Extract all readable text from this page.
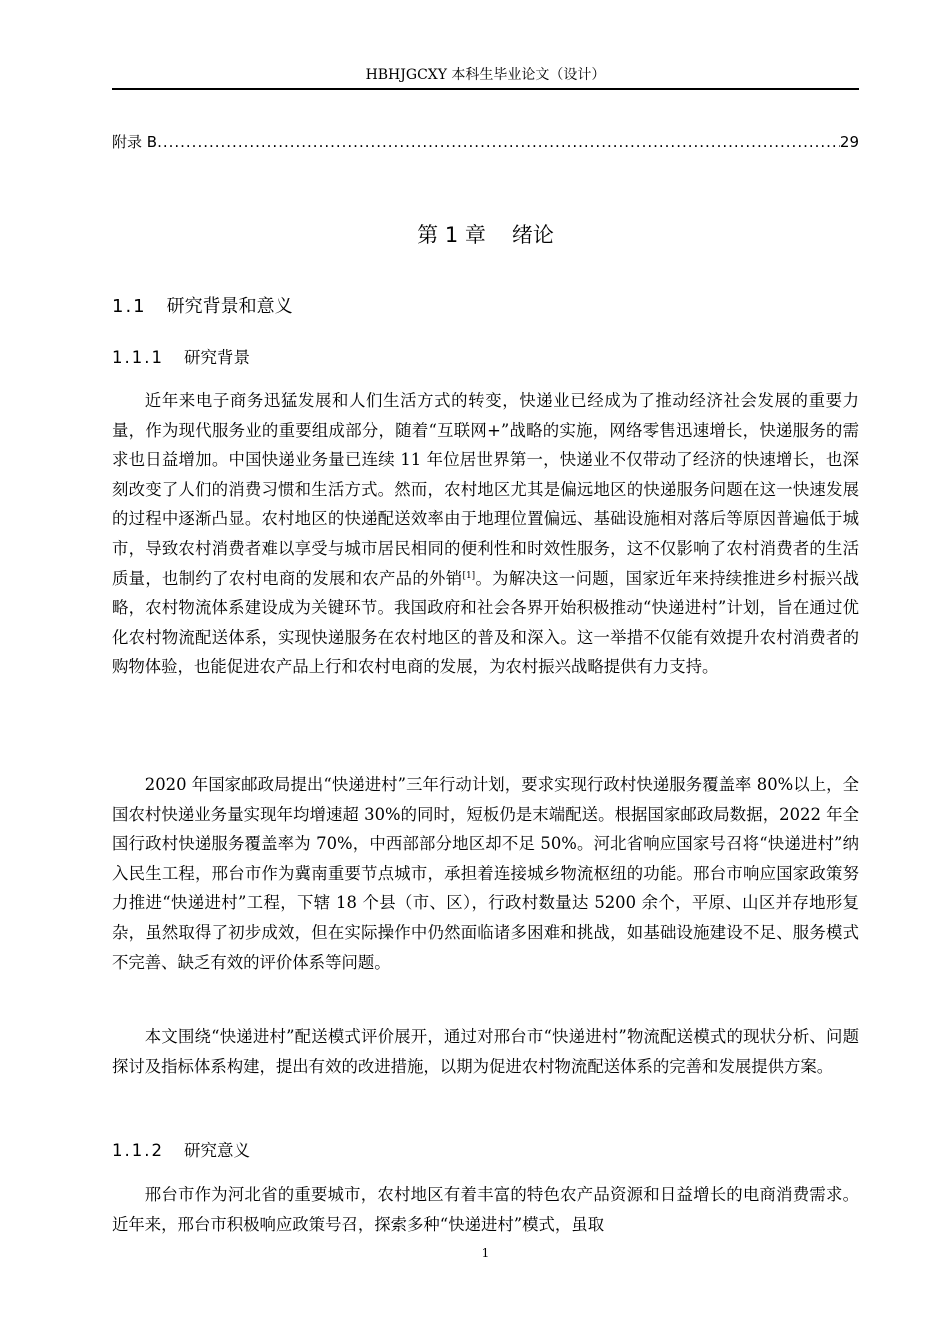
HBHJGCXY 本科生毕业论文（设计）
附录 B
.....	29
第 1 章 绪论
1.1 研究背景和意义
1.1.1 研究背景

近年来电子商务迅猛发展和人们生活方式的转变，快递业已经成为了推动经济社会发展的重要力量，作为现代服务业的重要组成部分，随着“互联网+”战略的实施，网络零售迅速增长，快递服务的需求也日益增加。中国快递业务量已连续 11 年位居世界第一，快递业不仅带动了经济的快速增长，也深刻改变了人们的消费习惯和生活方式。然而，农村地区尤其是偏远地区的快递服务问题在这一快速发展的过程中逐渐凸显。农村地区的快递配送效率由于地理位置偏远、基础设施相对落后等原因普遍低于城市，导致农村消费者难以享受与城市居民相同的便利性和时效性服务，这不仅影响了农村消费者的生活质量，也制约了农村电商的发展和农产品的外销[1]。为解决这一问题，国家近年来持续推进乡村振兴战略，农村物流体系建设成为关键环节。我国政府和社会各界开始积极推动“快递进村”计划，旨在通过优化农村物流配送体系，实现快递服务在农村地区的普及和深入。这一举措不仅能有效提升农村消费者的购物体验，也能促进农产品上行和农村电商的发展，为农村振兴战略提供有力支持。

2020 年国家邮政局提出“快递进村”三年行动计划，要求实现行政村快递服务覆盖率 80%以上，全国农村快递业务量实现年均增速超 30%的同时，短板仍是末端配送。根据国家邮政局数据，2022 年全国行政村快递服务覆盖率为 70%，中西部部分地区却不足 50%。河北省响应国家号召将“快递进村”纳入民生工程，邢台市作为冀南重要节点城市，承担着连接城乡物流枢纽的功能。邢台市响应国家政策努力推进“快递进村”工程，下辖 18 个县（市、区），行政村数量达 5200 余个，平原、山区并存地形复杂，虽然取得了初步成效，但在实际操作中仍然面临诸多困难和挑战，如基础设施建设不足、服务模式不完善、缺乏有效的评价体系等问题。

本文围绕“快递进村”配送模式评价展开，通过对邢台市“快递进村”物流配送模式的现状分析、问题探讨及指标体系构建，提出有效的改进措施，以期为促进农村物流配送体系的完善和发展提供方案。

1.1.2 研究意义

邢台市作为河北省的重要城市，农村地区有着丰富的特色农产品资源和日益增长的电商消费需求。近年来，邢台市积极响应政策号召，探索多种“快递进村”模式，虽取

1
